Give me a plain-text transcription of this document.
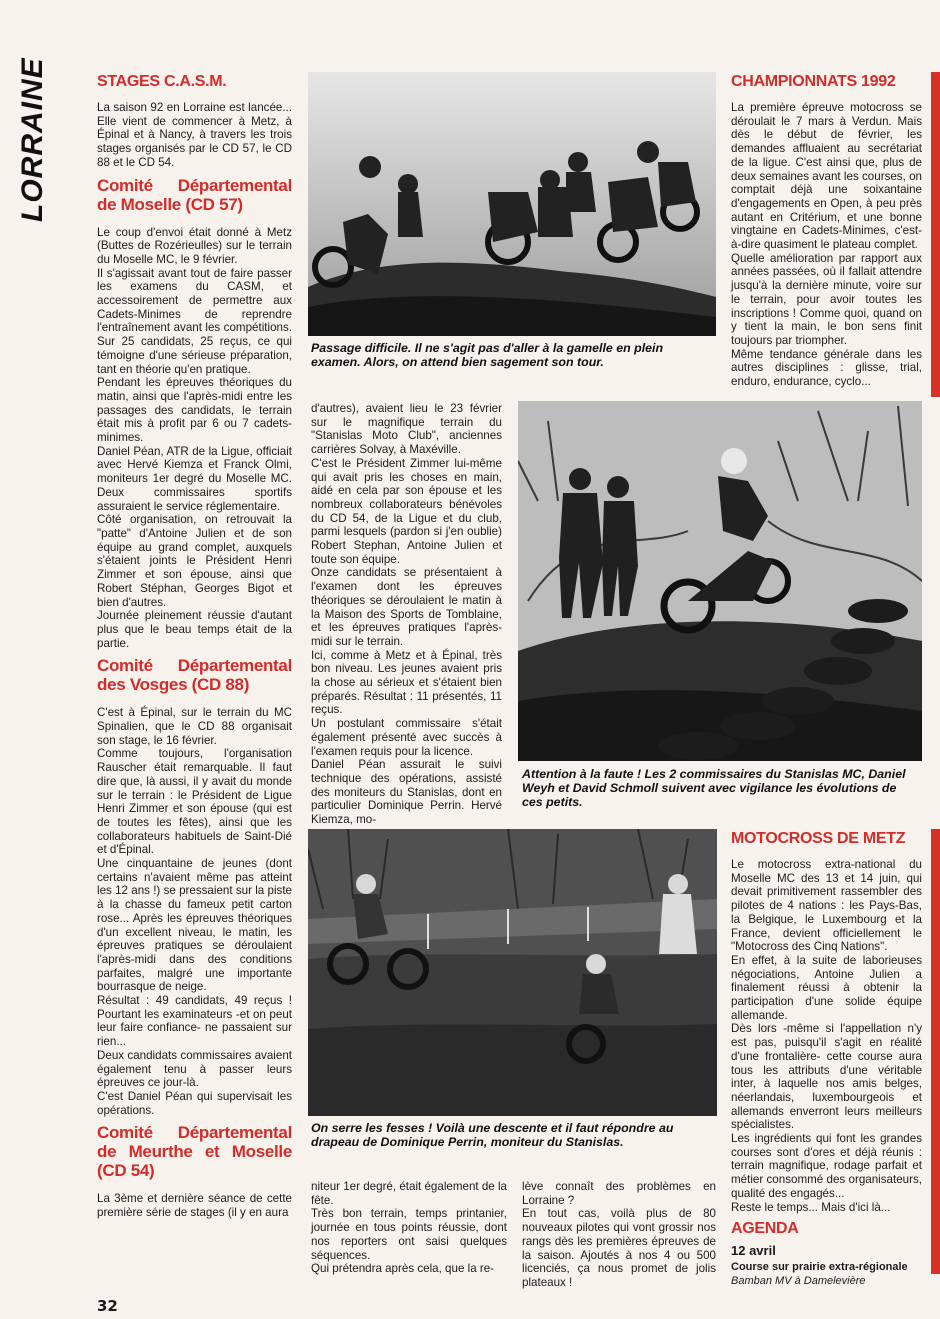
LORRAINE	STAGES C.A.S.M.

La saison 92 en Lorraine est lancée... Elle vient de commencer à Metz, à Épinal et à Nancy, à travers les trois stages organisés par le CD 57, le CD 88 et le CD 54.

Comité Départemental de Moselle (CD 57)

Le coup d'envoi était donné à Metz (Buttes de Rozérieulles) sur le terrain du Moselle MC, le 9 février.

Il s'agissait avant tout de faire passer les examens du CASM, et accessoirement de permettre aux Cadets-Minimes de reprendre l'entraînement avant les compétitions. Sur 25 candidats, 25 reçus, ce qui témoigne d'une sérieuse préparation, tant en théorie qu'en pratique.

Pendant les épreuves théoriques du matin, ainsi que l'après-midi entre les passages des candidats, le terrain était mis à profit par 6 ou 7 cadets-minimes.

Daniel Péan, ATR de la Ligue, officiait avec Hervé Kiemza et Franck Olmi, moniteurs 1er degré du Moselle MC. Deux commissaires sportifs assuraient le service réglementaire.

Côté organisation, on retrouvait la "patte" d'Antoine Julien et de son équipe au grand complet, auxquels s'étaient joints le Président Henri Zimmer et son épouse, ainsi que Robert Stéphan, Georges Bigot et bien d'autres.

Journée pleinement réussie d'autant plus que le beau temps était de la partie.

Comité Départemental des Vosges (CD 88)

C'est à Épinal, sur le terrain du MC Spinalien, que le CD 88 organisait son stage, le 16 février.

Comme toujours, l'organisation Rauscher était remarquable. Il faut dire que, là aussi, il y avait du monde sur le terrain : le Président de Ligue Henri Zimmer et son épouse (qui est de toutes les fêtes), ainsi que les collaborateurs habituels de Saint-Dié et d'Épinal.

Une cinquantaine de jeunes (dont certains n'avaient même pas atteint les 12 ans !) se pressaient sur la piste à la chasse du fameux petit carton rose... Après les épreuves théoriques d'un excellent niveau, le matin, les épreuves pratiques se déroulaient l'après-midi dans des conditions parfaites, malgré une importante bourrasque de neige.

Résultat : 49 candidats, 49 reçus ! Pourtant les examinateurs -et on peut leur faire confiance- ne passaient sur rien...

Deux candidats commissaires avaient également tenu à passer leurs épreuves ce jour-là.

C'est Daniel Péan qui supervisait les opérations.

Comité Départemental de Meurthe et Moselle (CD 54)

La 3ème et dernière séance de cette première série de stages (il y en aura

Passage difficile. Il ne s'agit pas d'aller à la gamelle en plein examen. Alors, on attend bien sagement son tour.

d'autres), avaient lieu le 23 février sur le magnifique terrain du "Stanislas Moto Club", anciennes carrières Solvay, à Maxéville.

C'est le Président Zimmer lui-même qui avait pris les choses en main, aidé en cela par son épouse et les nombreux collaborateurs bénévoles du CD 54, de la Ligue et du club, parmi lesquels (pardon si j'en oublie) Robert Stephan, Antoine Julien et toute son équipe.

Onze candidats se présentaient à l'examen dont les épreuves théoriques se déroulaient le matin à la Maison des Sports de Tomblaine, et les épreuves pratiques l'après-midi sur le terrain.

Ici, comme à Metz et à Épinal, très bon niveau. Les jeunes avaient pris la chose au sérieux et s'étaient bien préparés. Résultat : 11 présentés, 11 reçus.

Un postulant commissaire s'était également présenté avec succès à l'examen requis pour la licence.

Daniel Péan assurait le suivi technique des opérations, assisté des moniteurs du Stanislas, dont en particulier Dominique Perrin. Hervé Kiemza, mo-

Attention à la faute ! Les 2 commissaires du Stanislas MC, Daniel Weyh et David Schmoll suivent avec vigilance les évolutions de ces petits.
On serre les fesses ! Voilà une descente et il faut répondre au drapeau de Dominique Perrin, moniteur du Stanislas.

niteur 1er degré, était également de la fête.

Très bon terrain, temps printanier, journée en tous points réussie, dont nos reporters ont saisi quelques séquences.

Qui prétendra après cela, que la re-

lève connaît des problèmes en Lorraine ?

En tout cas, voilà plus de 80 nouveaux pilotes qui vont grossir nos rangs dès les premières épreuves de la saison. Ajoutés à nos 4 ou 500 licenciés, ça nous promet de jolis plateaux !

CHAMPIONNATS 1992

La première épreuve motocross se déroulait le 7 mars à Verdun. Mais dès le début de février, les demandes affluaient au secrétariat de la ligue. C'est ainsi que, plus de deux semaines avant les courses, on comptait déjà une soixantaine d'engagements en Open, à peu près autant en Critérium, et une bonne vingtaine en Cadets-Minimes, c'est-à-dire quasiment le plateau complet.

Quelle amélioration par rapport aux années passées, où il fallait attendre jusqu'à la dernière minute, voire sur le terrain, pour avoir toutes les inscriptions ! Comme quoi, quand on y tient la main, le bon sens finit toujours par triompher.

Même tendance générale dans les autres disciplines : glisse, trial, enduro, endurance, cyclo...

MOTOCROSS DE METZ

Le motocross extra-national du Moselle MC des 13 et 14 juin, qui devait primitivement rassembler des pilotes de 4 nations : les Pays-Bas, la Belgique, le Luxembourg et la France, devient officiellement le "Motocross des Cinq Nations".

En effet, à la suite de laborieuses négociations, Antoine Julien a finalement réussi à obtenir la participation d'une solide équipe allemande.

Dès lors -même si l'appellation n'y est pas, puisqu'il s'agit en réalité d'une frontalière- cette course aura tous les attributs d'une véritable inter, à laquelle nos amis belges, néerlandais, luxembourgeois et allemands enverront leurs meilleurs spécialistes.

Les ingrédients qui font les grandes courses sont d'ores et déjà réunis : terrain magnifique, rodage parfait et métier consommé des organisateurs, qualité des engagés...

Reste le temps... Mais d'ici là...

AGENDA
12 avril
Course sur prairie extra-régionale
Bamban MV à Damelevière
32
